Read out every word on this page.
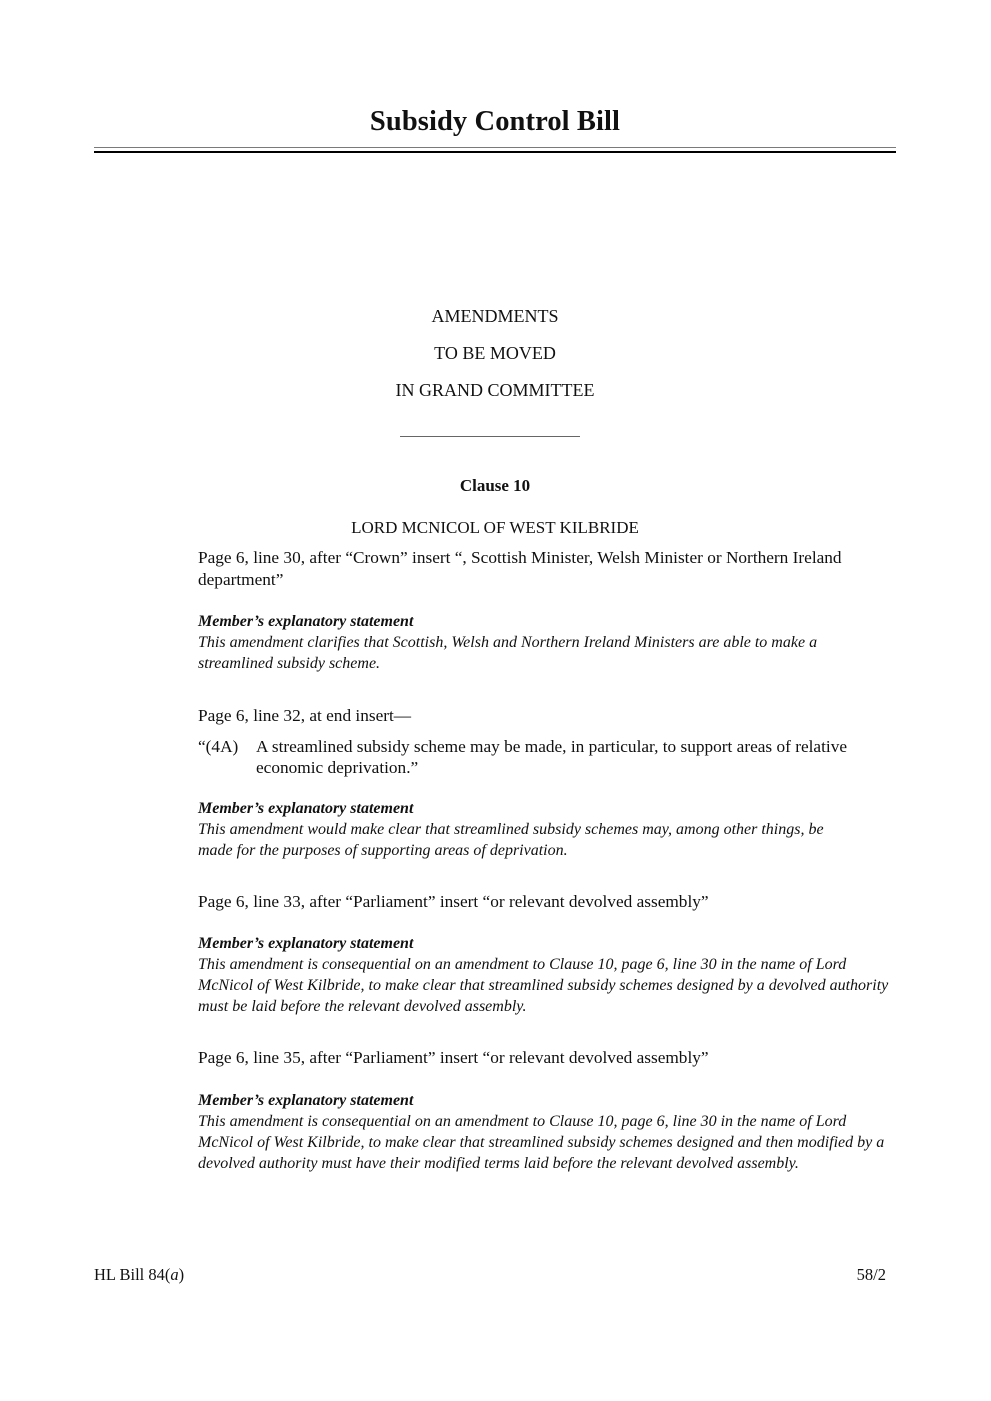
Subsidy Control Bill
AMENDMENTS
TO BE MOVED
IN GRAND COMMITTEE
Clause 10
LORD MCNICOL OF WEST KILBRIDE

Page 6, line 30, after “Crown” insert “, Scottish Minister, Welsh Minister or Northern Ireland department”

Member’s explanatory statement

This amendment clarifies that Scottish, Welsh and Northern Ireland Ministers are able to make a streamlined subsidy scheme.

Page 6, line 32, at end insert—

“(4A)	A streamlined subsidy scheme may be made, in particular, to support areas of relative economic deprivation.”

Member’s explanatory statement

This amendment would make clear that streamlined subsidy schemes may, among other things, be made for the purposes of supporting areas of deprivation.

Page 6, line 33, after “Parliament” insert “or relevant devolved assembly”

Member’s explanatory statement

This amendment is consequential on an amendment to Clause 10, page 6, line 30 in the name of Lord McNicol of West Kilbride, to make clear that streamlined subsidy schemes designed by a devolved authority must be laid before the relevant devolved assembly.

Page 6, line 35, after “Parliament” insert “or relevant devolved assembly”

Member’s explanatory statement

This amendment is consequential on an amendment to Clause 10, page 6, line 30 in the name of Lord McNicol of West Kilbride, to make clear that streamlined subsidy schemes designed and then modified by a devolved authority must have their modified terms laid before the relevant devolved assembly.

HL Bill 84(a)	58/2
